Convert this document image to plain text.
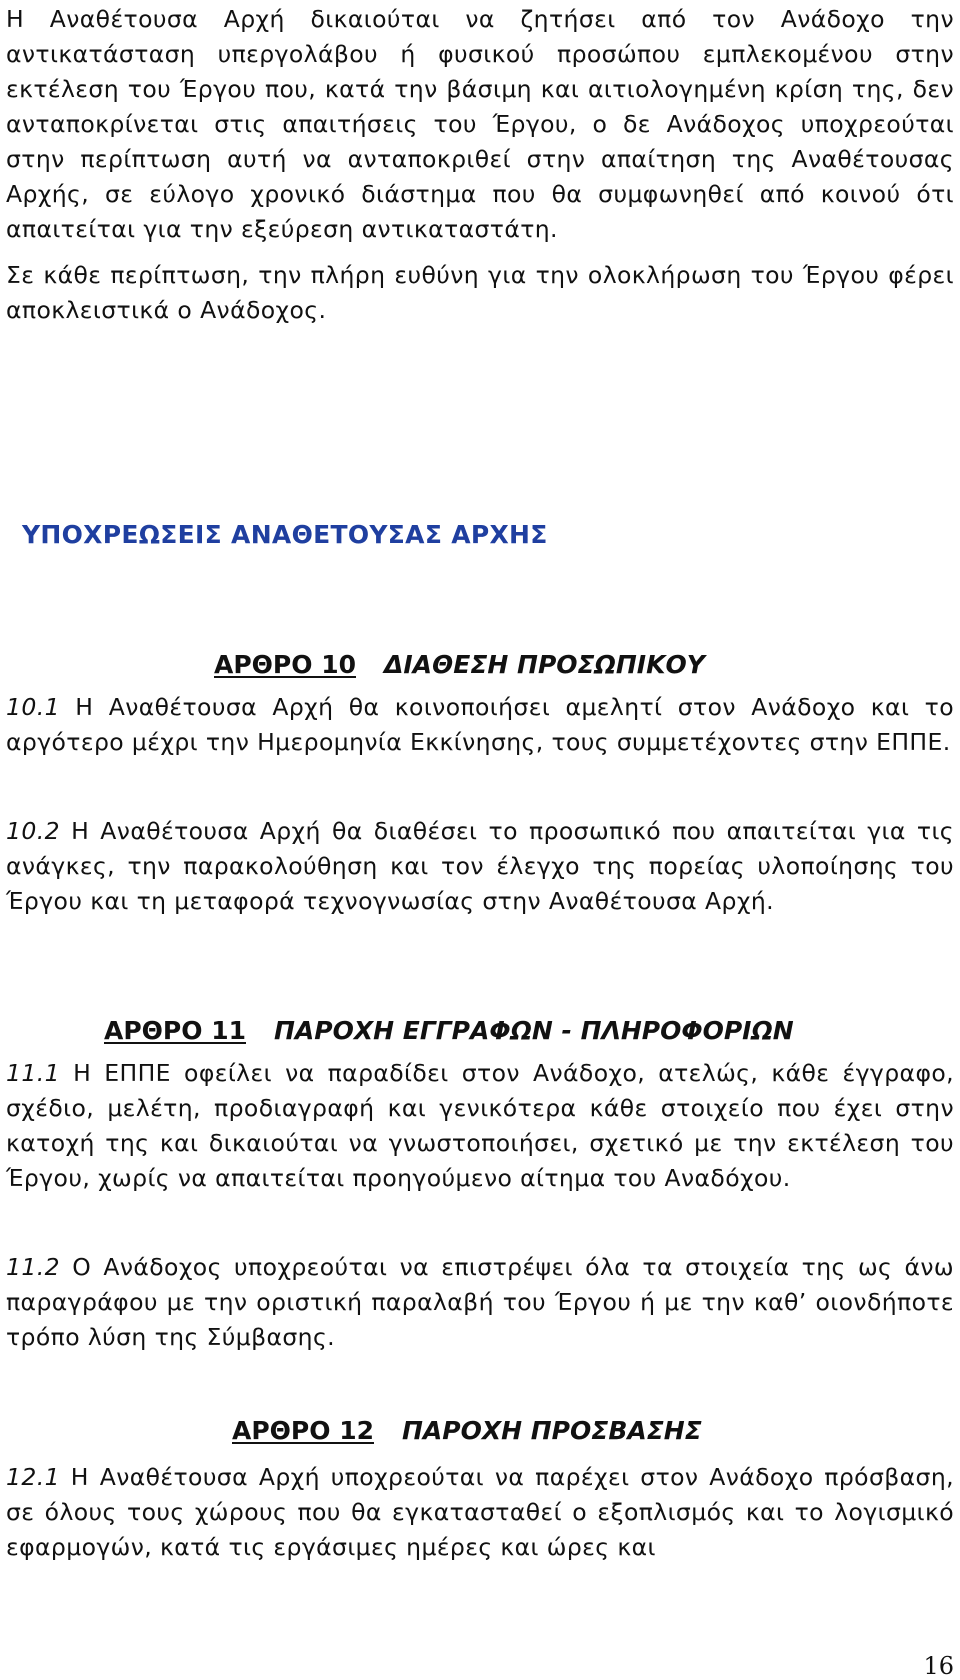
Η Αναθέτουσα Αρχή δικαιούται να ζητήσει από τον Ανάδοχο την αντικατάσταση υπεργολάβου ή φυσικού προσώπου εμπλεκομένου στην εκτέλεση του Έργου που, κατά την βάσιμη και αιτιολογημένη κρίση της, δεν ανταποκρίνεται στις απαιτήσεις του Έργου, ο δε Ανάδοχος υποχρεούται στην περίπτωση αυτή να ανταποκριθεί στην απαίτηση της Αναθέτουσας Αρχής, σε εύλογο χρονικό διάστημα που θα συμφωνηθεί από κοινού ότι απαιτείται για την εξεύρεση αντικαταστάτη.

Σε κάθε περίπτωση, την πλήρη ευθύνη για την ολοκλήρωση του Έργου φέρει αποκλειστικά ο Ανάδοχος.

ΥΠΟΧΡΕΩΣΕΙΣ ΑΝΑΘΕΤΟΥΣΑΣ ΑΡΧΗΣ
ΑΡΘΡΟ 10 ΔΙΑΘΕΣΗ ΠΡΟΣΩΠΙΚΟΥ

10.1 Η Αναθέτουσα Αρχή θα κοινοποιήσει αμελητί στον Ανάδοχο και το αργότερο μέχρι την Ημερομηνία Εκκίνησης, τους συμμετέχοντες στην ΕΠΠΕ.

10.2 Η Αναθέτουσα Αρχή θα διαθέσει το προσωπικό που απαιτείται για τις ανάγκες, την παρακολούθηση και τον έλεγχο της πορείας υλοποίησης του Έργου και τη μεταφορά τεχνογνωσίας στην Αναθέτουσα Αρχή.

ΑΡΘΡΟ 11 ΠΑΡΟΧΗ ΕΓΓΡΑΦΩΝ - ΠΛΗΡΟΦΟΡΙΩΝ

11.1 Η ΕΠΠΕ οφείλει να παραδίδει στον Ανάδοχο, ατελώς, κάθε έγγραφο, σχέδιο, μελέτη, προδιαγραφή και γενικότερα κάθε στοιχείο που έχει στην κατοχή της και δικαιούται να γνωστοποιήσει, σχετικό με την εκτέλεση του Έργου, χωρίς να απαιτείται προηγούμενο αίτημα του Αναδόχου.

11.2 Ο Ανάδοχος υποχρεούται να επιστρέψει όλα τα στοιχεία της ως άνω παραγράφου με την οριστική παραλαβή του Έργου ή με την καθ’ οιονδήποτε τρόπο λύση της Σύμβασης.

ΑΡΘΡΟ 12 ΠΑΡΟΧΗ ΠΡΟΣΒΑΣΗΣ

12.1 Η Αναθέτουσα Αρχή υποχρεούται να παρέχει στον Ανάδοχο πρόσβαση, σε όλους τους χώρους που θα εγκατασταθεί ο εξοπλισμός και το λογισμικό εφαρμογών, κατά τις εργάσιμες ημέρες και ώρες και

16
